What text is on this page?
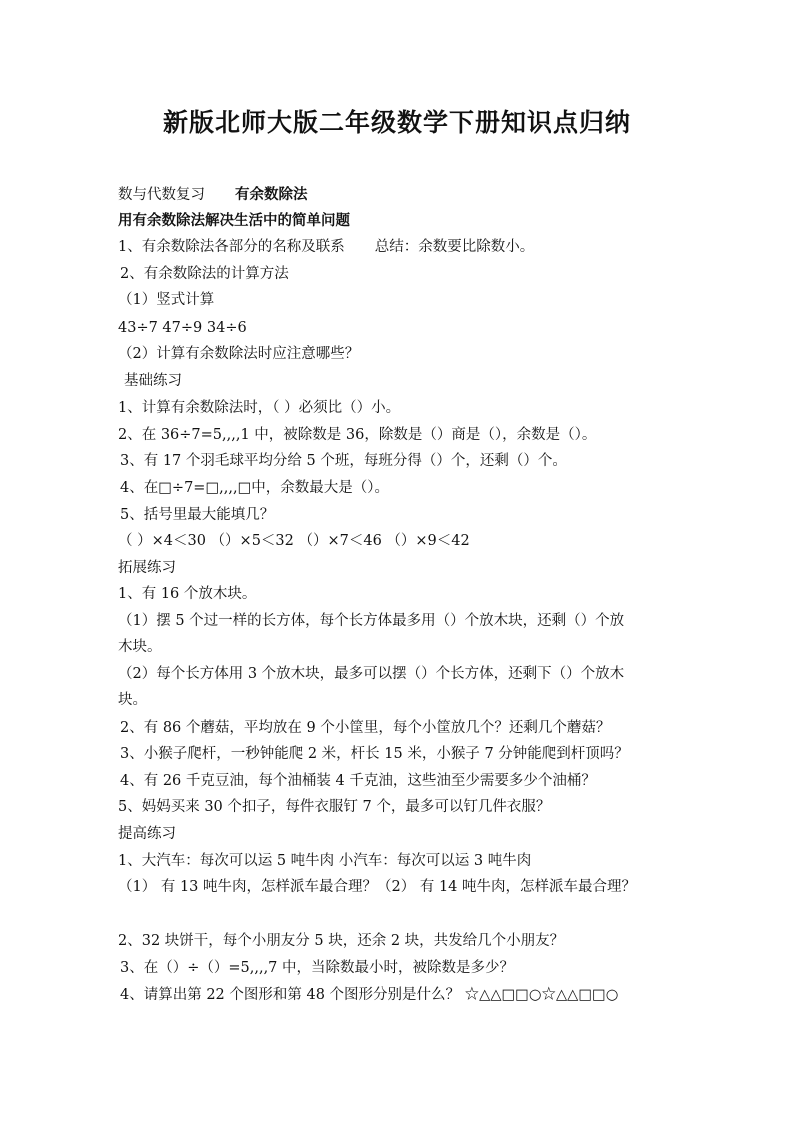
新版北师大版二年级数学下册知识点归纳
数与代数复习 有余数除法
用有余数除法解决生活中的简单问题
1、有余数除法各部分的名称及联系 总结：余数要比除数小。
2、有余数除法的计算方法
（1）竖式计算
43÷7 47÷9 34÷6
（2）计算有余数除法时应注意哪些？
基础练习
1、计算有余数除法时，（ ）必须比（）小。
2、在 36÷7=5,,,,1 中，被除数是 36，除数是（）商是（），余数是（）。
3、有 17 个羽毛球平均分给 5 个班，每班分得（）个，还剩（）个。
4、在□÷7=□,,,,□中，余数最大是（）。
5、括号里最大能填几？
（ ）×4＜30 （）×5＜32 （）×7＜46 （）×9＜42
拓展练习
1、有 16 个放木块。
（1）摆 5 个过一样的长方体，每个长方体最多用（）个放木块，还剩（）个放
木块。
（2）每个长方体用 3 个放木块，最多可以摆（）个长方体，还剩下（）个放木
块。
2、有 86 个蘑菇，平均放在 9 个小筐里，每个小筐放几个？还剩几个蘑菇？
3、小猴子爬杆，一秒钟能爬 2 米，杆长 15 米，小猴子 7 分钟能爬到杆顶吗？
4、有 26 千克豆油，每个油桶装 4 千克油，这些油至少需要多少个油桶？
5、妈妈买来 30 个扣子，每件衣服钉 7 个，最多可以钉几件衣服？
提高练习
1、大汽车：每次可以运 5 吨牛肉 小汽车：每次可以运 3 吨牛肉
（1） 有 13 吨牛肉，怎样派车最合理？（2） 有 14 吨牛肉，怎样派车最合理？
2、32 块饼干，每个小朋友分 5 块，还余 2 块，共发给几个小朋友？
3、在（）÷（）=5,,,,7 中，当除数最小时，被除数是多少？
4、请算出第 22 个图形和第 48 个图形分别是什么？ ☆△△□□○☆△△□□○
